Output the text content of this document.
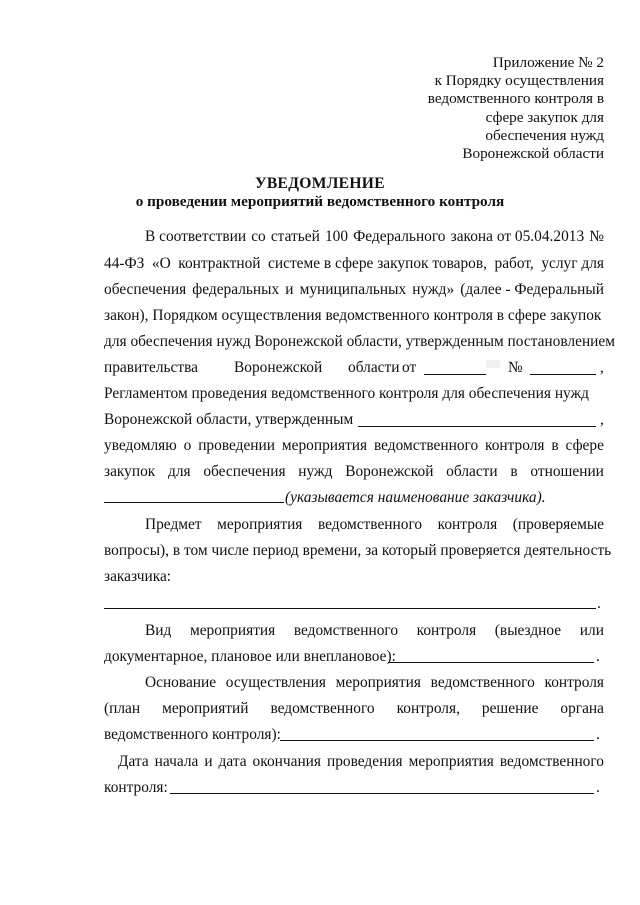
Приложение № 2
к Порядку осуществления
ведомственного контроля в
сфере закупок для
обеспечения нужд
Воронежской области
УВЕДОМЛЕНИЕ
о проведении мероприятий ведомственного контроля
В соответствии со статьей 100 Федерального закона от 05.04.2013 №
44-ФЗ «О контрактной системе в сфере закупок товаров, работ, услуг для
обеспечения федеральных и муниципальных нужд» (далее - Федеральный
закон), Порядком осуществления ведомственного контроля в сфере закупок
для обеспечения нужд Воронежской области, утвержденным постановлением
правительства Воронежской области от	№	,
Регламентом проведения ведомственного контроля для обеспечения нужд
Воронежской области, утвержденным	,
уведомляю о проведении мероприятия ведомственного контроля в сфере
закупок для обеспечения нужд Воронежской области в отношении
(указывается наименование заказчика).
Предмет мероприятия ведомственного контроля (проверяемые
вопросы), в том числе период времени, за который проверяется деятельность
заказчика:
.
Вид мероприятия ведомственного контроля (выездное или
документарное, плановое или внеплановое):	.
Основание осуществления мероприятия ведомственного контроля
(план мероприятий ведомственного контроля, решение органа
ведомственного контроля):	.
Дата начала и дата окончания проведения мероприятия ведомственного
контроля:	.
